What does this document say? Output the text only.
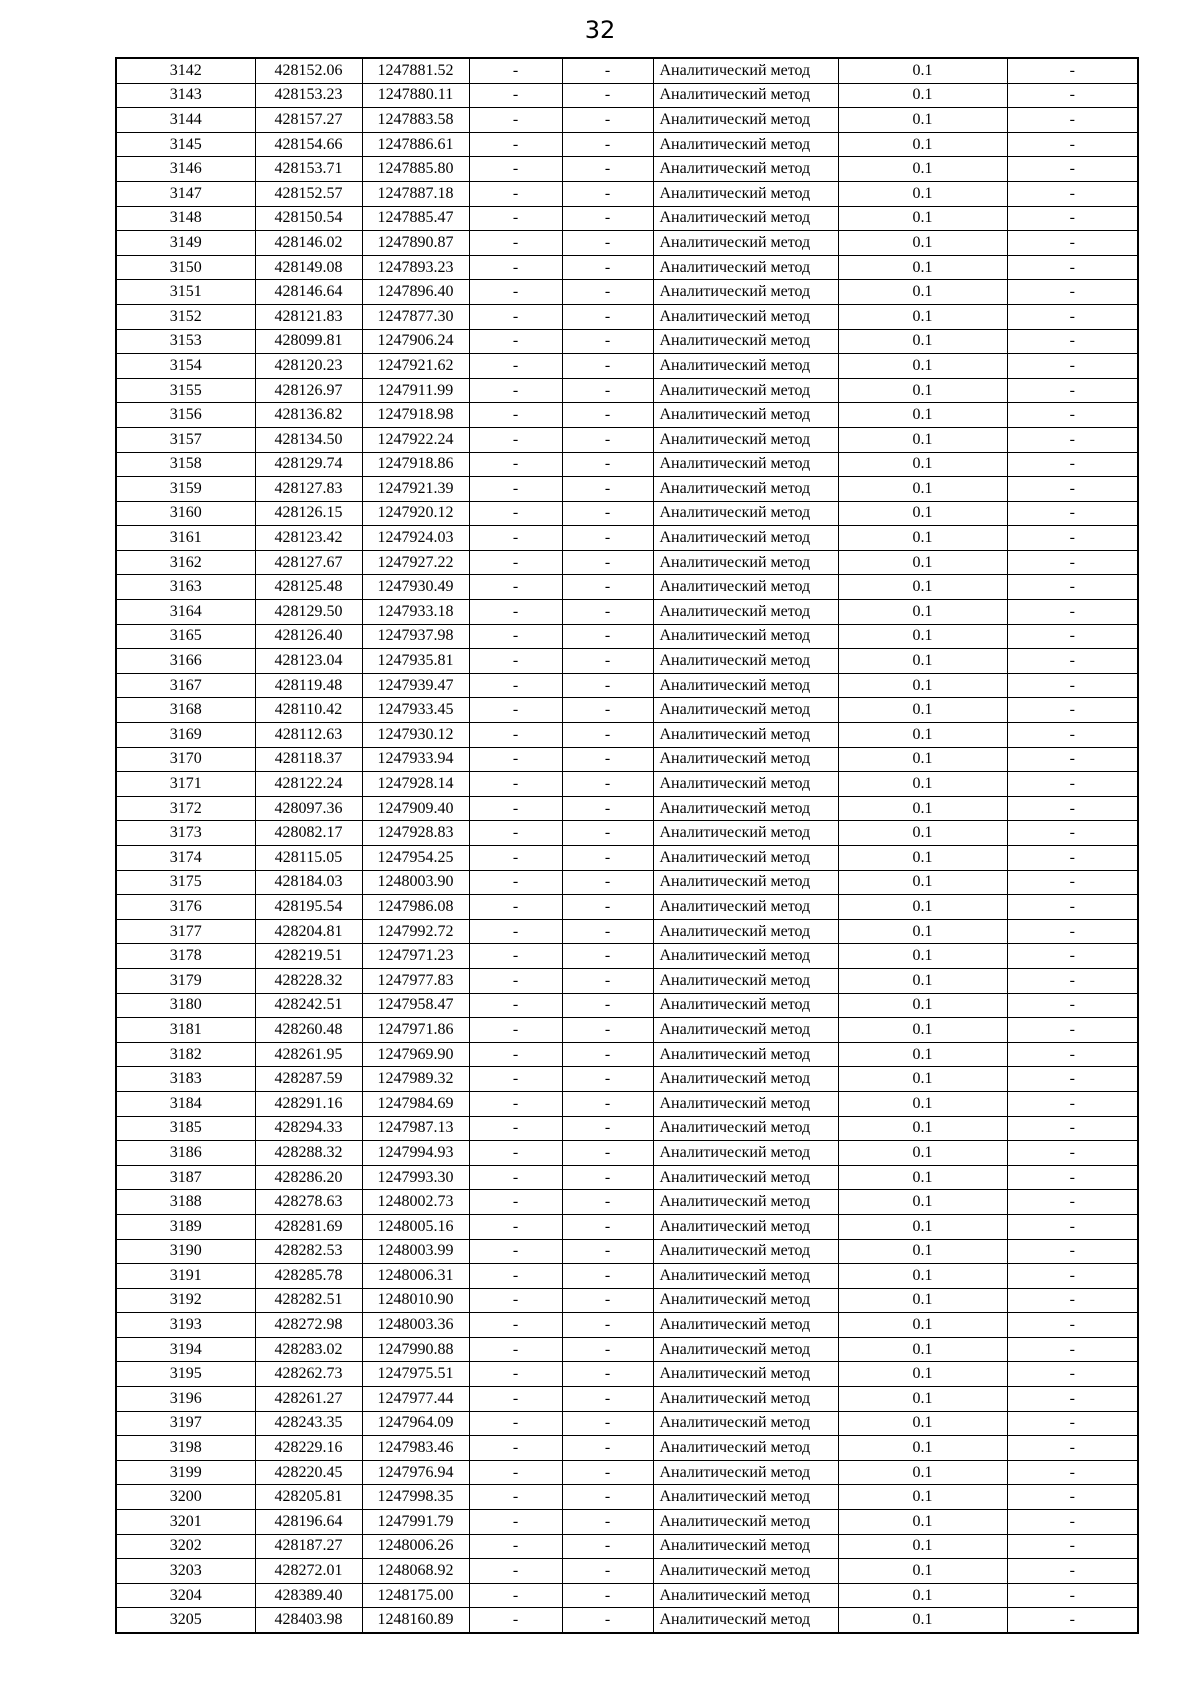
32
3142	428152.06	1247881.52	-	-	Аналитический метод	0.1	-
3143	428153.23	1247880.11	-	-	Аналитический метод	0.1	-
3144	428157.27	1247883.58	-	-	Аналитический метод	0.1	-
3145	428154.66	1247886.61	-	-	Аналитический метод	0.1	-
3146	428153.71	1247885.80	-	-	Аналитический метод	0.1	-
3147	428152.57	1247887.18	-	-	Аналитический метод	0.1	-
3148	428150.54	1247885.47	-	-	Аналитический метод	0.1	-
3149	428146.02	1247890.87	-	-	Аналитический метод	0.1	-
3150	428149.08	1247893.23	-	-	Аналитический метод	0.1	-
3151	428146.64	1247896.40	-	-	Аналитический метод	0.1	-
3152	428121.83	1247877.30	-	-	Аналитический метод	0.1	-
3153	428099.81	1247906.24	-	-	Аналитический метод	0.1	-
3154	428120.23	1247921.62	-	-	Аналитический метод	0.1	-
3155	428126.97	1247911.99	-	-	Аналитический метод	0.1	-
3156	428136.82	1247918.98	-	-	Аналитический метод	0.1	-
3157	428134.50	1247922.24	-	-	Аналитический метод	0.1	-
3158	428129.74	1247918.86	-	-	Аналитический метод	0.1	-
3159	428127.83	1247921.39	-	-	Аналитический метод	0.1	-
3160	428126.15	1247920.12	-	-	Аналитический метод	0.1	-
3161	428123.42	1247924.03	-	-	Аналитический метод	0.1	-
3162	428127.67	1247927.22	-	-	Аналитический метод	0.1	-
3163	428125.48	1247930.49	-	-	Аналитический метод	0.1	-
3164	428129.50	1247933.18	-	-	Аналитический метод	0.1	-
3165	428126.40	1247937.98	-	-	Аналитический метод	0.1	-
3166	428123.04	1247935.81	-	-	Аналитический метод	0.1	-
3167	428119.48	1247939.47	-	-	Аналитический метод	0.1	-
3168	428110.42	1247933.45	-	-	Аналитический метод	0.1	-
3169	428112.63	1247930.12	-	-	Аналитический метод	0.1	-
3170	428118.37	1247933.94	-	-	Аналитический метод	0.1	-
3171	428122.24	1247928.14	-	-	Аналитический метод	0.1	-
3172	428097.36	1247909.40	-	-	Аналитический метод	0.1	-
3173	428082.17	1247928.83	-	-	Аналитический метод	0.1	-
3174	428115.05	1247954.25	-	-	Аналитический метод	0.1	-
3175	428184.03	1248003.90	-	-	Аналитический метод	0.1	-
3176	428195.54	1247986.08	-	-	Аналитический метод	0.1	-
3177	428204.81	1247992.72	-	-	Аналитический метод	0.1	-
3178	428219.51	1247971.23	-	-	Аналитический метод	0.1	-
3179	428228.32	1247977.83	-	-	Аналитический метод	0.1	-
3180	428242.51	1247958.47	-	-	Аналитический метод	0.1	-
3181	428260.48	1247971.86	-	-	Аналитический метод	0.1	-
3182	428261.95	1247969.90	-	-	Аналитический метод	0.1	-
3183	428287.59	1247989.32	-	-	Аналитический метод	0.1	-
3184	428291.16	1247984.69	-	-	Аналитический метод	0.1	-
3185	428294.33	1247987.13	-	-	Аналитический метод	0.1	-
3186	428288.32	1247994.93	-	-	Аналитический метод	0.1	-
3187	428286.20	1247993.30	-	-	Аналитический метод	0.1	-
3188	428278.63	1248002.73	-	-	Аналитический метод	0.1	-
3189	428281.69	1248005.16	-	-	Аналитический метод	0.1	-
3190	428282.53	1248003.99	-	-	Аналитический метод	0.1	-
3191	428285.78	1248006.31	-	-	Аналитический метод	0.1	-
3192	428282.51	1248010.90	-	-	Аналитический метод	0.1	-
3193	428272.98	1248003.36	-	-	Аналитический метод	0.1	-
3194	428283.02	1247990.88	-	-	Аналитический метод	0.1	-
3195	428262.73	1247975.51	-	-	Аналитический метод	0.1	-
3196	428261.27	1247977.44	-	-	Аналитический метод	0.1	-
3197	428243.35	1247964.09	-	-	Аналитический метод	0.1	-
3198	428229.16	1247983.46	-	-	Аналитический метод	0.1	-
3199	428220.45	1247976.94	-	-	Аналитический метод	0.1	-
3200	428205.81	1247998.35	-	-	Аналитический метод	0.1	-
3201	428196.64	1247991.79	-	-	Аналитический метод	0.1	-
3202	428187.27	1248006.26	-	-	Аналитический метод	0.1	-
3203	428272.01	1248068.92	-	-	Аналитический метод	0.1	-
3204	428389.40	1248175.00	-	-	Аналитический метод	0.1	-
3205	428403.98	1248160.89	-	-	Аналитический метод	0.1	-
